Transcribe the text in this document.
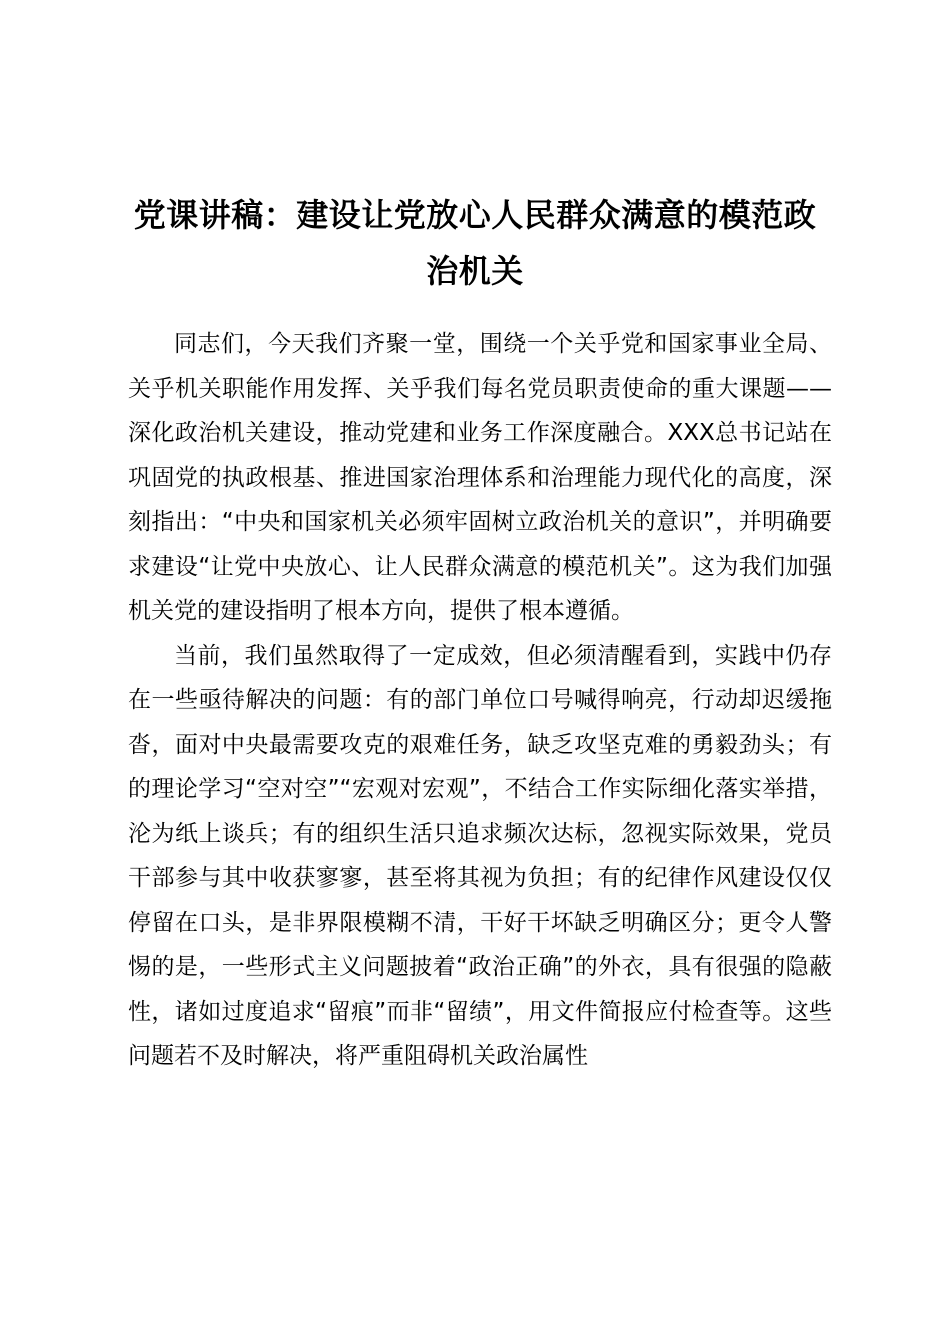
党课讲稿：建设让党放心人民群众满意的模范政治机关

同志们，今天我们齐聚一堂，围绕一个关乎党和国家事业全局、关乎机关职能作用发挥、关乎我们每名党员职责使命的重大课题——深化政治机关建设，推动党建和业务工作深度融合。XXX总书记站在巩固党的执政根基、推进国家治理体系和治理能力现代化的高度，深刻指出：“中央和国家机关必须牢固树立政治机关的意识”，并明确要求建设“让党中央放心、让人民群众满意的模范机关”。这为我们加强机关党的建设指明了根本方向，提供了根本遵循。

当前，我们虽然取得了一定成效，但必须清醒看到，实践中仍存在一些亟待解决的问题：有的部门单位口号喊得响亮，行动却迟缓拖沓，面对中央最需要攻克的艰难任务，缺乏攻坚克难的勇毅劲头；有的理论学习“空对空”“宏观对宏观”，不结合工作实际细化落实举措，沦为纸上谈兵；有的组织生活只追求频次达标，忽视实际效果，党员干部参与其中收获寥寥，甚至将其视为负担；有的纪律作风建设仅仅停留在口头，是非界限模糊不清，干好干坏缺乏明确区分；更令人警惕的是，一些形式主义问题披着“政治正确”的外衣，具有很强的隐蔽性，诸如过度追求“留痕”而非“留绩”，用文件简报应付检查等。这些问题若不及时解决，将严重阻碍机关政治属性
